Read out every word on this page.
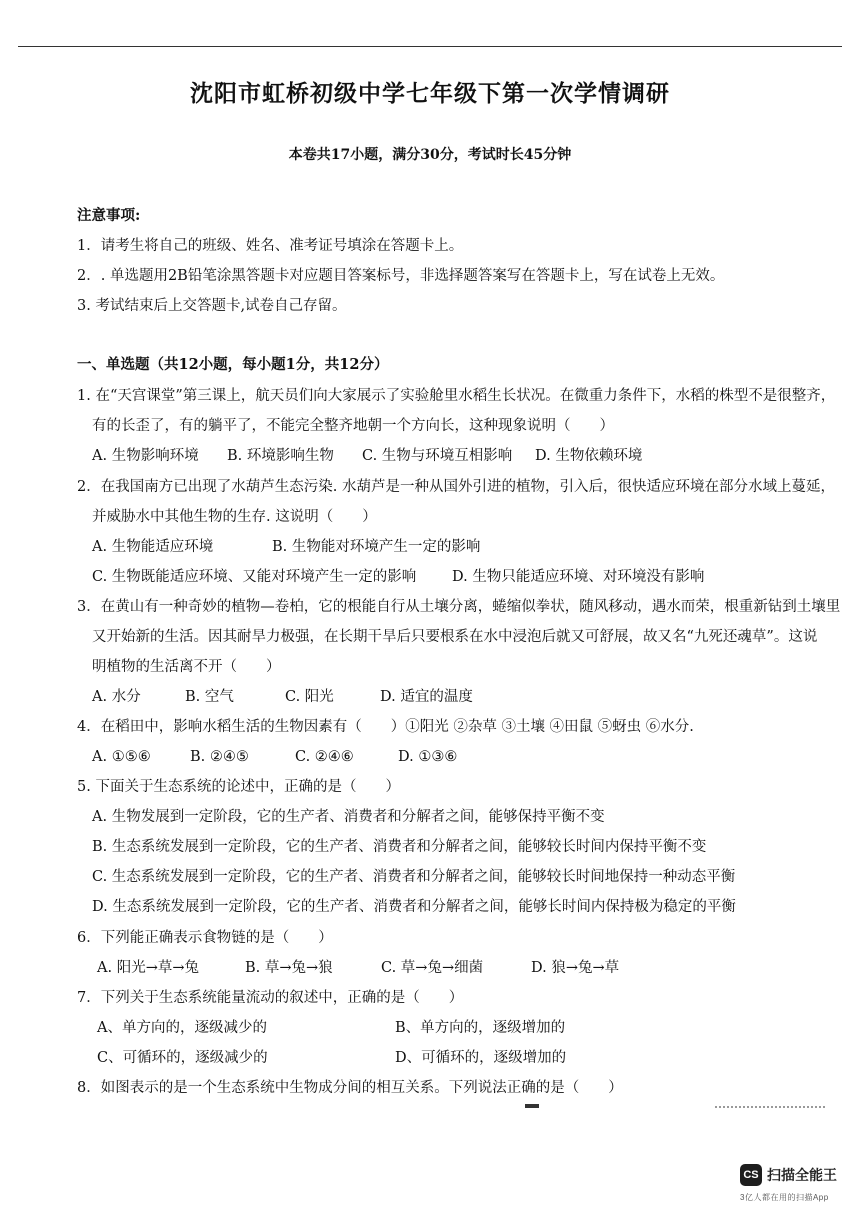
沈阳市虹桥初级中学七年级下第一次学情调研
本卷共17小题，满分30分，考试时长45分钟
注意事项:
1．请考生将自己的班级、姓名、准考证号填涂在答题卡上。
2．. 单选题用2B铅笔涂黑答题卡对应题目答案标号，非选择题答案写在答题卡上，写在试卷上无效。
3. 考试结束后上交答题卡,试卷自己存留。
一、单选题（共12小题，每小题1分，共12分）
1. 在“天宫课堂”第三课上，航天员们向大家展示了实验舱里水稻生长状况。在微重力条件下，水稻的株型不是很整齐，
有的长歪了，有的躺平了，不能完全整齐地朝一个方向长，这种现象说明（　　）
A. 生物影响环境 B. 环境影响生物 C. 生物与环境互相影响 D. 生物依赖环境
2．在我国南方已出现了水葫芦生态污染. 水葫芦是一种从国外引进的植物，引入后，很快适应环境在部分水域上蔓延，
并威胁水中其他生物的生存. 这说明（　　）
A. 生物能适应环境	B. 生物能对环境产生一定的影响
C. 生物既能适应环境、又能对环境产生一定的影响 D. 生物只能适应环境、对环境没有影响
3．在黄山有一种奇妙的植物—卷柏，它的根能自行从土壤分离，蜷缩似拳状，随风移动，遇水而荣，根重新钻到土壤里
又开始新的生活。因其耐旱力极强，在长期干旱后只要根系在水中浸泡后就又可舒展，故又名“九死还魂草”。这说
明植物的生活离不开（　　）
A. 水分	B. 空气	C. 阳光	D. 适宜的温度
4．在稻田中，影响水稻生活的生物因素有（　　）①阳光 ②杂草 ③土壤 ④田鼠 ⑤蚜虫 ⑥水分.
A. ①⑤⑥	B. ②④⑤	C. ②④⑥	D. ①③⑥
5. 下面关于生态系统的论述中，正确的是（　　）
A. 生物发展到一定阶段，它的生产者、消费者和分解者之间，能够保持平衡不变
B. 生态系统发展到一定阶段，它的生产者、消费者和分解者之间，能够较长时间内保持平衡不变
C. 生态系统发展到一定阶段，它的生产者、消费者和分解者之间，能够较长时间地保持一种动态平衡
D. 生态系统发展到一定阶段，它的生产者、消费者和分解者之间，能够长时间内保持极为稳定的平衡
6．下列能正确表示食物链的是（　　）
A. 阳光→草→兔	B. 草→兔→狼	C. 草→兔→细菌	D. 狼→兔→草
7．下列关于生态系统能量流动的叙述中，正确的是（　　）
A、单方向的，逐级减少的	B、单方向的，逐级增加的
C、可循环的，逐级减少的	D、可循环的，逐级增加的
8．如图表示的是一个生态系统中生物成分间的相互关系。下列说法正确的是（　　）
CS 扫描全能王
3亿人都在用的扫描App
